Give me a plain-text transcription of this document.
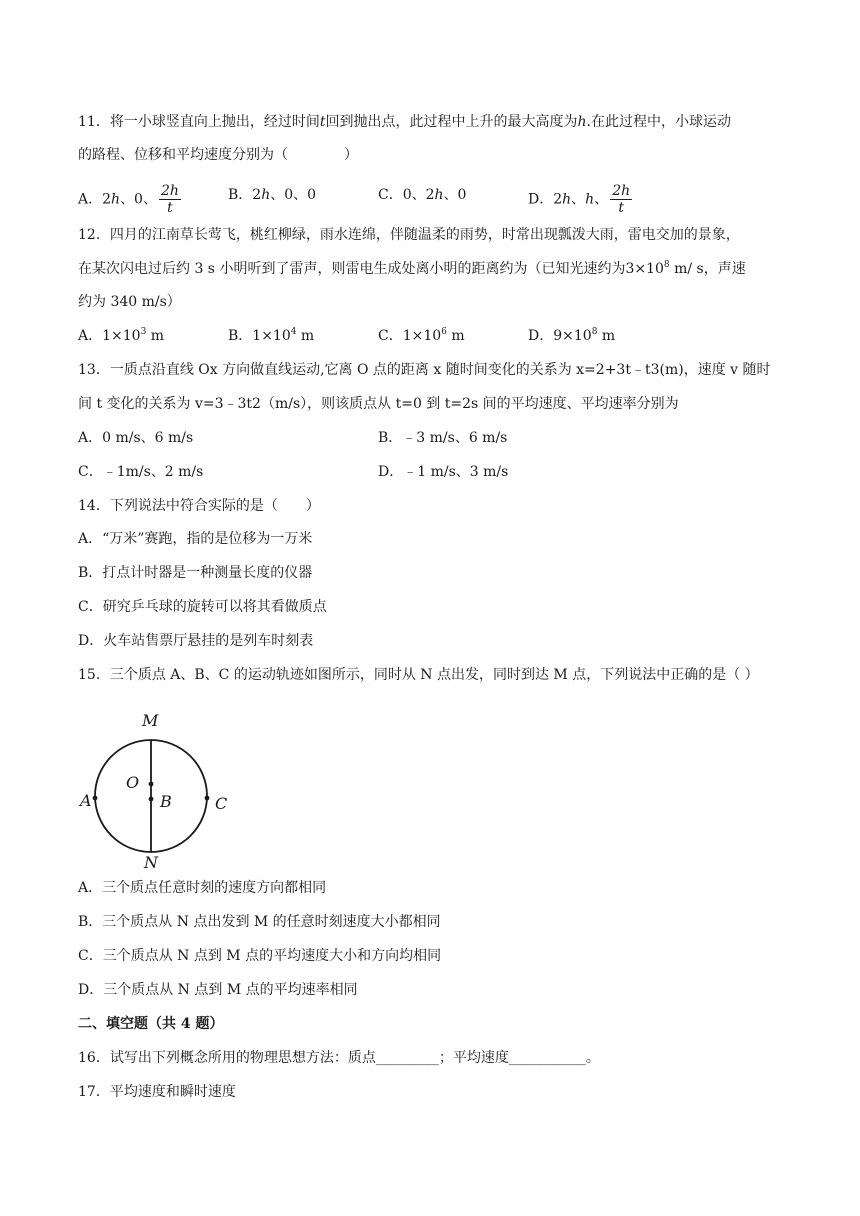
11．将一小球竖直向上抛出，经过时间t回到抛出点，此过程中上升的最大高度为h.在此过程中，小球运动
的路程、位移和平均速度分别为（　　　　）
A．2h、0、 $\frac{2h}{t}$	B．2h、0、0	C．0、2h、0	D．2h、h、 $\frac{2h}{t}$
12．四月的江南草长莺飞，桃红柳绿，雨水连绵，伴随温柔的雨势，时常出现瓢泼大雨，雷电交加的景象，
在某次闪电过后约 3 s 小明听到了雷声，则雷电生成处离小明的距离约为（已知光速约为$3\times 10^8$ m/ s，声速
约为 340 m/s）
A．$1\times 10^3$ m	B．$1\times 10^4$ m	C．$1\times 10^6$ m	D．$9\times 10^8$ m
13．一质点沿直线 Ox 方向做直线运动,它离 O 点的距离 x 随时间变化的关系为 x=2+3t﹣t3(m)，速度 v 随时
间 t 变化的关系为 v=3﹣3t2（m/s），则该质点从 t=0 到 t=2s 间的平均速度、平均速率分别为
A．0 m/s、6 m/s	B．﹣3 m/s、6 m/s
C．﹣1m/s、2 m/s	D．﹣1 m/s、3 m/s
14．下列说法中符合实际的是（　　）
A．“万米”赛跑，指的是位移为一万米
B．打点计时器是一种测量长度的仪器
C．研究乒乓球的旋转可以将其看做质点
D．火车站售票厅悬挂的是列车时刻表
15．三个质点 A、B、C 的运动轨迹如图所示，同时从 N 点出发，同时到达 M 点，下列说法中正确的是（ ）
M
N
O
B
A	C
A．三个质点任意时刻的速度方向都相同
B．三个质点从 N 点出发到 M 的任意时刻速度大小都相同
C．三个质点从 N 点到 M 点的平均速度大小和方向均相同
D．三个质点从 N 点到 M 点的平均速率相同
二、填空题（共 4 题）
16．试写出下列概念所用的物理思想方法：质点_________；平均速度___________。
17．平均速度和瞬时速度
